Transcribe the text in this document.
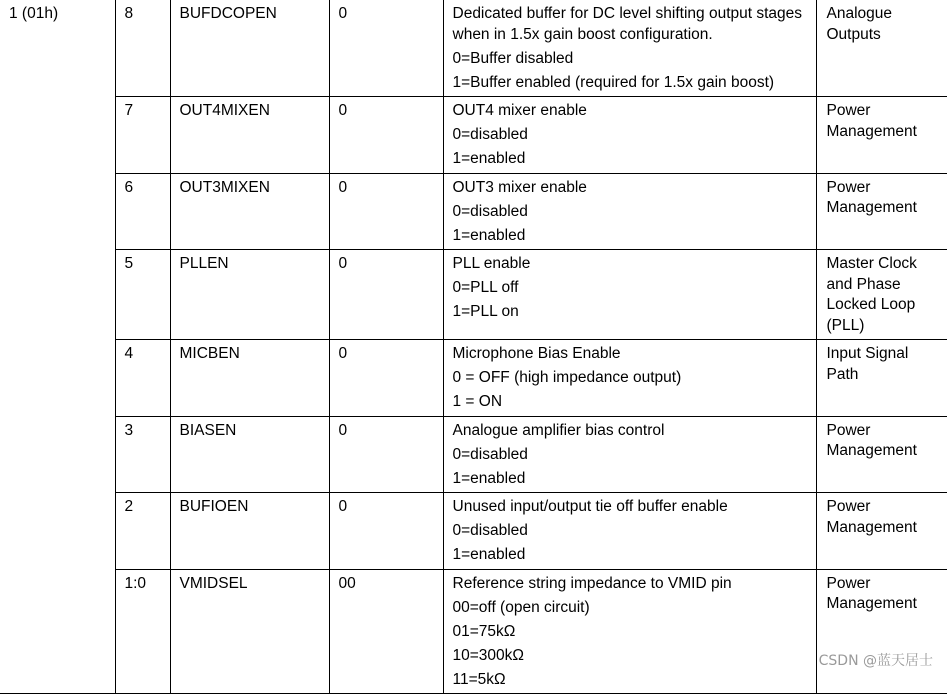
1 (01h)	8	BUFDCOPEN	0	Dedicated buffer for DC level shifting output stages when in 1.5x gain boost configuration.
0=Buffer disabled
1=Buffer enabled (required for 1.5x gain boost)	Analogue Outputs

	7	OUT4MIXEN	0	OUT4 mixer enable
0=disabled
1=enabled	Power Management

	6	OUT3MIXEN	0	OUT3 mixer enable
0=disabled
1=enabled	Power Management

	5	PLLEN	0	PLL enable
0=PLL off
1=PLL on	Master Clock and Phase Locked Loop (PLL)

	4	MICBEN	0	Microphone Bias Enable
0 = OFF (high impedance output)
1 = ON	Input Signal Path

	3	BIASEN	0	Analogue amplifier bias control
0=disabled
1=enabled	Power Management

	2	BUFIOEN	0	Unused input/output tie off buffer enable
0=disabled
1=enabled	Power Management

	1:0	VMIDSEL	00	Reference string impedance to VMID pin
00=off (open circuit)
01=75kΩ
10=300kΩ
11=5kΩ	Power Management
CSDN @蓝天居士
